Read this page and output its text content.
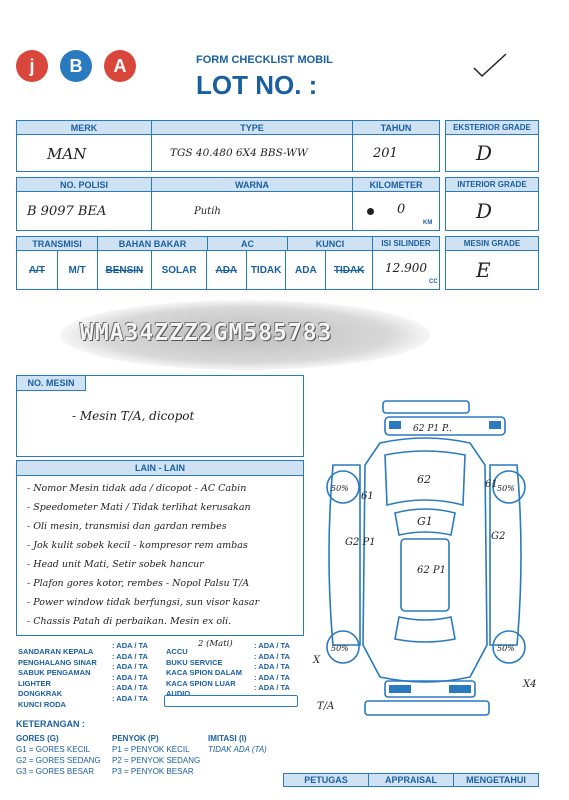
j	B	A	FORM CHECKLIST MOBIL
LOT NO. :
MERK	TYPE	TAHUN
MAN	TGS 40.480 6X4 BBS-WW	201
EKSTERIOR GRADE
D
NO. POLISI	WARNA	KILOMETER
B 9097 BEA	Putih	0
KM
INTERIOR GRADE
D
TRANSMISI	BAHAN BAKAR	AC	KUNCI	ISI SILINDER
A/T	M/T	BENSIN	SOLAR	ADA	TIDAK	ADA	TIDAK	12.900
CC
MESIN GRADE
E
WMA34ZZZ2GM585783
NO. MESIN
- Mesin T/A, dicopot
LAIN - LAIN
- Nomor Mesin tidak ada / dicopot - AC Cabin
- Speedometer Mati / Tidak terlihat kerusakan
- Oli mesin, transmisi dan gardan rembes
- Jok kulit sobek kecil - kompresor rem ambas
- Head unit Mati, Setir sobek hancur
- Plafon gores kotor, rembes - Nopol Palsu T/A
- Power window tidak berfungsi, sun visor kasar
- Chassis Patah di perbaikan. Mesin ex oli.
SANDARAN KEPALA
: ADA / TA
PENGHALANG SINAR
: ADA / TA
SABUK PENGAMAN
: ADA / TA
LIGHTER
: ADA / TA
DONGKRAK
: ADA / TA
KUNCI RODA
: ADA / TA
ACCU
2 (Mati)	: ADA / TA
BUKU SERVICE
: ADA / TA
KACA SPION DALAM
: ADA / TA
KACA SPION LUAR
: ADA / TA
AUDIO
: ADA / TA
KETERANGAN :
GORES (G)
G1 = GORES KECIL
G2 = GORES SEDANG
G3 = GORES BESAR
PENYOK (P)
P1 = PENYOK KECIL
P2 = PENYOK SEDANG
P3 = PENYOK BESAR
IMITASI (I)
TIDAK ADA (TA)
PETUGAS	APPRAISAL	MENGETAHUI
62 P1 P..
62
G1
G2 P1
G2
62 P1
50%	50%
50%	50%
61
61
X
X4
T/A
